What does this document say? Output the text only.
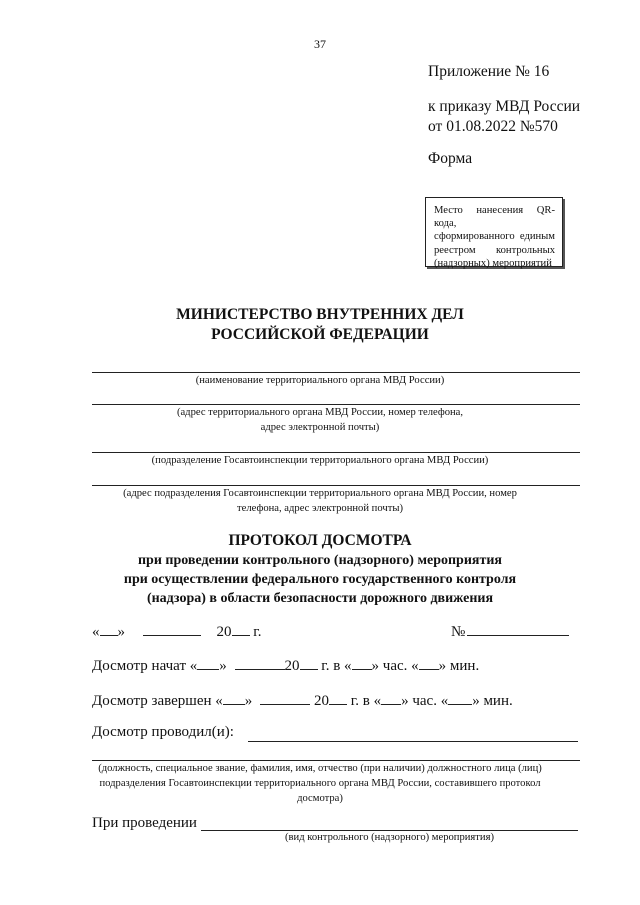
37
Приложение № 16
к приказу МВД России
от 01.08.2022 №570
Форма
Место нанесения QR-кода,
сформированного единым
реестром контрольных
(надзорных) мероприятий
МИНИСТЕРСТВО ВНУТРЕННИХ ДЕЛ
РОССИЙСКОЙ ФЕДЕРАЦИИ
(наименование территориального органа МВД России)
(адрес территориального органа МВД России, номер телефона,
адрес электронной почты)
(подразделение Госавтоинспекции территориального органа МВД России)
(адрес подразделения Госавтоинспекции территориального органа МВД России, номер
телефона, адрес электронной почты)
ПРОТОКОЛ ДОСМОТРА
при проведении контрольного (надзорного) мероприятия
при осуществлении федерального государственного контроля
(надзора) в области безопасности дорожного движения
« »	20 г.	№
Досмотр начат « »	20 г. в « » час. « » мин.
Досмотр завершен « »	20 г. в « » час. « » мин.
Досмотр проводил(и):
(должность, специальное звание, фамилия, имя, отчество (при наличии) должностного лица (лиц)
подразделения Госавтоинспекции территориального органа МВД России, составившего протокол
досмотра)
При проведении
(вид контрольного (надзорного) мероприятия)
